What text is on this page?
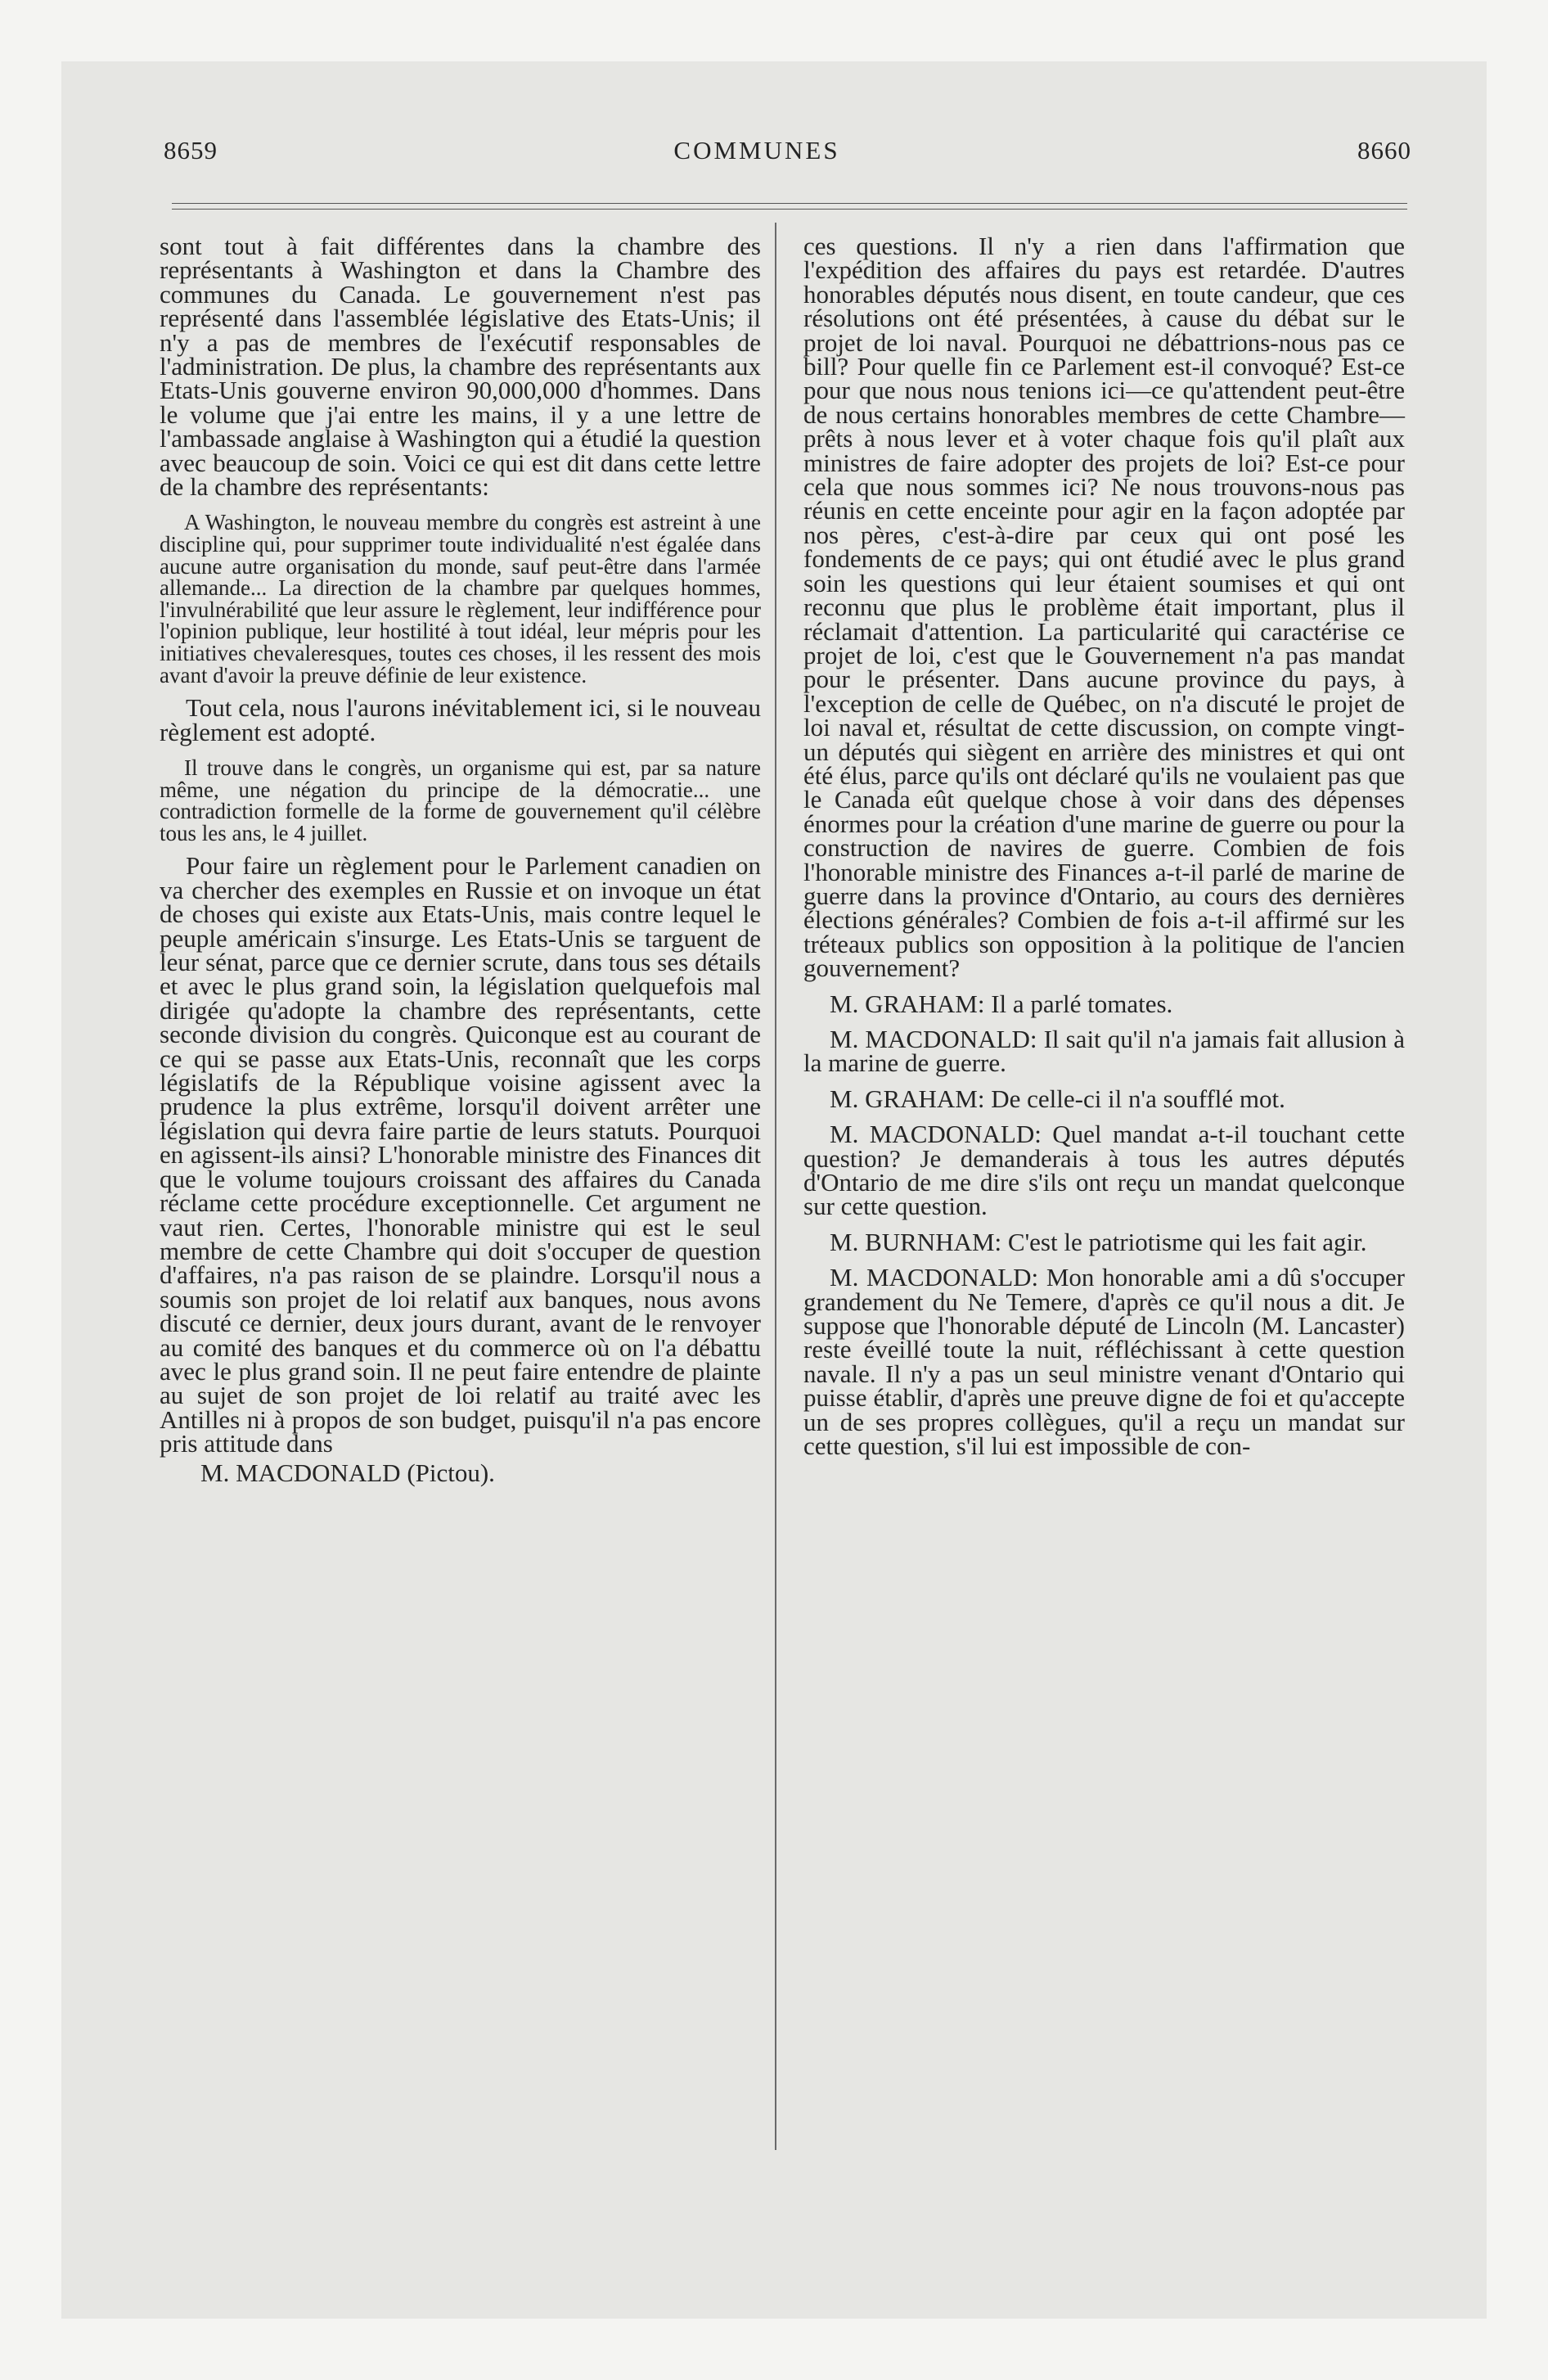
8659	COMMUNES	8660

sont tout à fait différentes dans la chambre des représentants à Washington et dans la Chambre des communes du Canada. Le gouvernement n'est pas représenté dans l'assemblée législative des Etats-Unis; il n'y a pas de membres de l'exécutif responsables de l'administration. De plus, la chambre des représentants aux Etats-Unis gouverne environ 90,000,000 d'hommes. Dans le volume que j'ai entre les mains, il y a une lettre de l'ambassade anglaise à Washington qui a étudié la question avec beaucoup de soin. Voici ce qui est dit dans cette lettre de la chambre des représentants:

A Washington, le nouveau membre du congrès est astreint à une discipline qui, pour supprimer toute individualité n'est égalée dans aucune autre organisation du monde, sauf peut-être dans l'armée allemande... La direction de la chambre par quelques hommes, l'invulnérabilité que leur assure le règlement, leur indifférence pour l'opinion publique, leur hostilité à tout idéal, leur mépris pour les initiatives chevaleresques, toutes ces choses, il les ressent des mois avant d'avoir la preuve définie de leur existence.

Tout cela, nous l'aurons inévitablement ici, si le nouveau règlement est adopté.

Il trouve dans le congrès, un organisme qui est, par sa nature même, une négation du principe de la démocratie... une contradiction formelle de la forme de gouvernement qu'il célèbre tous les ans, le 4 juillet.

Pour faire un règlement pour le Parlement canadien on va chercher des exemples en Russie et on invoque un état de choses qui existe aux Etats-Unis, mais contre lequel le peuple américain s'insurge. Les Etats-Unis se targuent de leur sénat, parce que ce dernier scrute, dans tous ses détails et avec le plus grand soin, la législation quelquefois mal dirigée qu'adopte la chambre des représentants, cette seconde division du congrès. Quiconque est au courant de ce qui se passe aux Etats-Unis, reconnaît que les corps législatifs de la République voisine agissent avec la prudence la plus extrême, lorsqu'il doivent arrêter une législation qui devra faire partie de leurs statuts. Pourquoi en agissent-ils ainsi? L'honorable ministre des Finances dit que le volume toujours croissant des affaires du Canada réclame cette procédure exceptionnelle. Cet argument ne vaut rien. Certes, l'honorable ministre qui est le seul membre de cette Chambre qui doit s'occuper de question d'affaires, n'a pas raison de se plaindre. Lorsqu'il nous a soumis son projet de loi relatif aux banques, nous avons discuté ce dernier, deux jours durant, avant de le renvoyer au comité des banques et du commerce où on l'a débattu avec le plus grand soin. Il ne peut faire entendre de plainte au sujet de son projet de loi relatif au traité avec les Antilles ni à propos de son budget, puisqu'il n'a pas encore pris attitude dans

M. MACDONALD (Pictou).

ces questions. Il n'y a rien dans l'affirmation que l'expédition des affaires du pays est retardée. D'autres honorables députés nous disent, en toute candeur, que ces résolutions ont été présentées, à cause du débat sur le projet de loi naval. Pourquoi ne débattrions-nous pas ce bill? Pour quelle fin ce Parlement est-il convoqué? Est-ce pour que nous nous tenions ici—ce qu'attendent peut-être de nous certains honorables membres de cette Chambre—prêts à nous lever et à voter chaque fois qu'il plaît aux ministres de faire adopter des projets de loi? Est-ce pour cela que nous sommes ici? Ne nous trouvons-nous pas réunis en cette enceinte pour agir en la façon adoptée par nos pères, c'est-à-dire par ceux qui ont posé les fondements de ce pays; qui ont étudié avec le plus grand soin les questions qui leur étaient soumises et qui ont reconnu que plus le problème était important, plus il réclamait d'attention. La particularité qui caractérise ce projet de loi, c'est que le Gouvernement n'a pas mandat pour le présenter. Dans aucune province du pays, à l'exception de celle de Québec, on n'a discuté le projet de loi naval et, résultat de cette discussion, on compte vingt-un députés qui siègent en arrière des ministres et qui ont été élus, parce qu'ils ont déclaré qu'ils ne voulaient pas que le Canada eût quelque chose à voir dans des dépenses énormes pour la création d'une marine de guerre ou pour la construction de navires de guerre. Combien de fois l'honorable ministre des Finances a-t-il parlé de marine de guerre dans la province d'Ontario, au cours des dernières élections générales? Combien de fois a-t-il affirmé sur les tréteaux publics son opposition à la politique de l'ancien gouvernement?

M. GRAHAM: Il a parlé tomates.

M. MACDONALD: Il sait qu'il n'a jamais fait allusion à la marine de guerre.

M. GRAHAM: De celle-ci il n'a soufflé mot.

M. MACDONALD: Quel mandat a-t-il touchant cette question? Je demanderais à tous les autres députés d'Ontario de me dire s'ils ont reçu un mandat quelconque sur cette question.

M. BURNHAM: C'est le patriotisme qui les fait agir.

M. MACDONALD: Mon honorable ami a dû s'occuper grandement du Ne Temere, d'après ce qu'il nous a dit. Je suppose que l'honorable député de Lincoln (M. Lancaster) reste éveillé toute la nuit, réfléchissant à cette question navale. Il n'y a pas un seul ministre venant d'Ontario qui puisse établir, d'après une preuve digne de foi et qu'accepte un de ses propres collègues, qu'il a reçu un mandat sur cette question, s'il lui est impossible de con-
